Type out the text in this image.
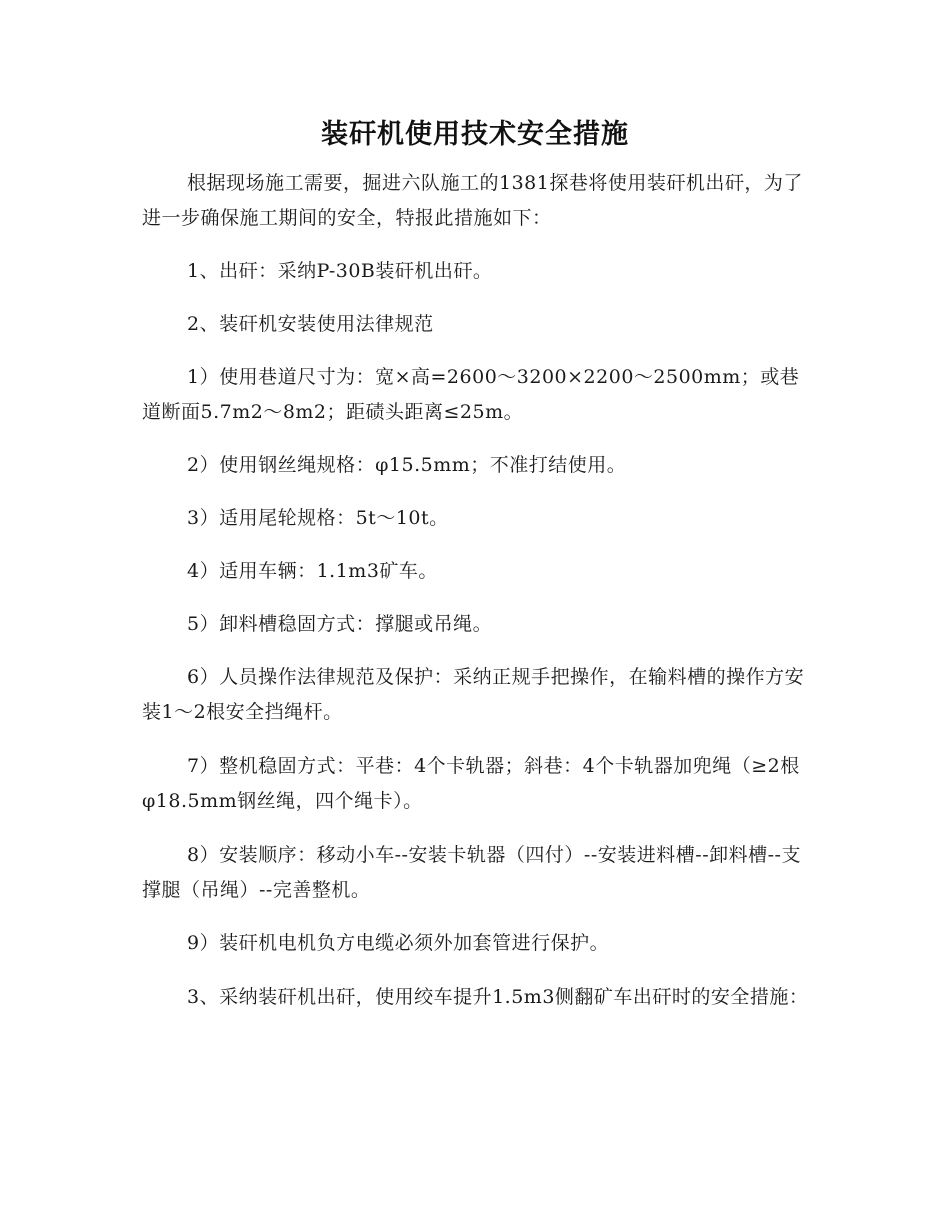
装矸机使用技术安全措施

根据现场施工需要，掘进六队施工的1381探巷将使用装矸机出矸，为了进一步确保施工期间的安全，特报此措施如下：

1、出矸：采纳P-30B装矸机出矸。

2、装矸机安装使用法律规范

1）使用巷道尺寸为：宽×高=2600～3200×2200～2500mm；或巷道断面5.7m2～8m2；距碛头距离≤25m。

2）使用钢丝绳规格：φ15.5mm；不准打结使用。

3）适用尾轮规格：5t～10t。

4）适用车辆：1.1m3矿车。

5）卸料槽稳固方式：撑腿或吊绳。

6）人员操作法律规范及保护：采纳正规手把操作，在输料槽的操作方安装1～2根安全挡绳杆。

7）整机稳固方式：平巷：4个卡轨器；斜巷：4个卡轨器加兜绳（≥2根φ18.5mm钢丝绳，四个绳卡）。

8）安装顺序：移动小车--安装卡轨器（四付）--安装进料槽--卸料槽--支撑腿（吊绳）--完善整机。

9）装矸机电机负方电缆必须外加套管进行保护。

3、采纳装矸机出矸，使用绞车提升1.5m3侧翻矿车出矸时的安全措施：
